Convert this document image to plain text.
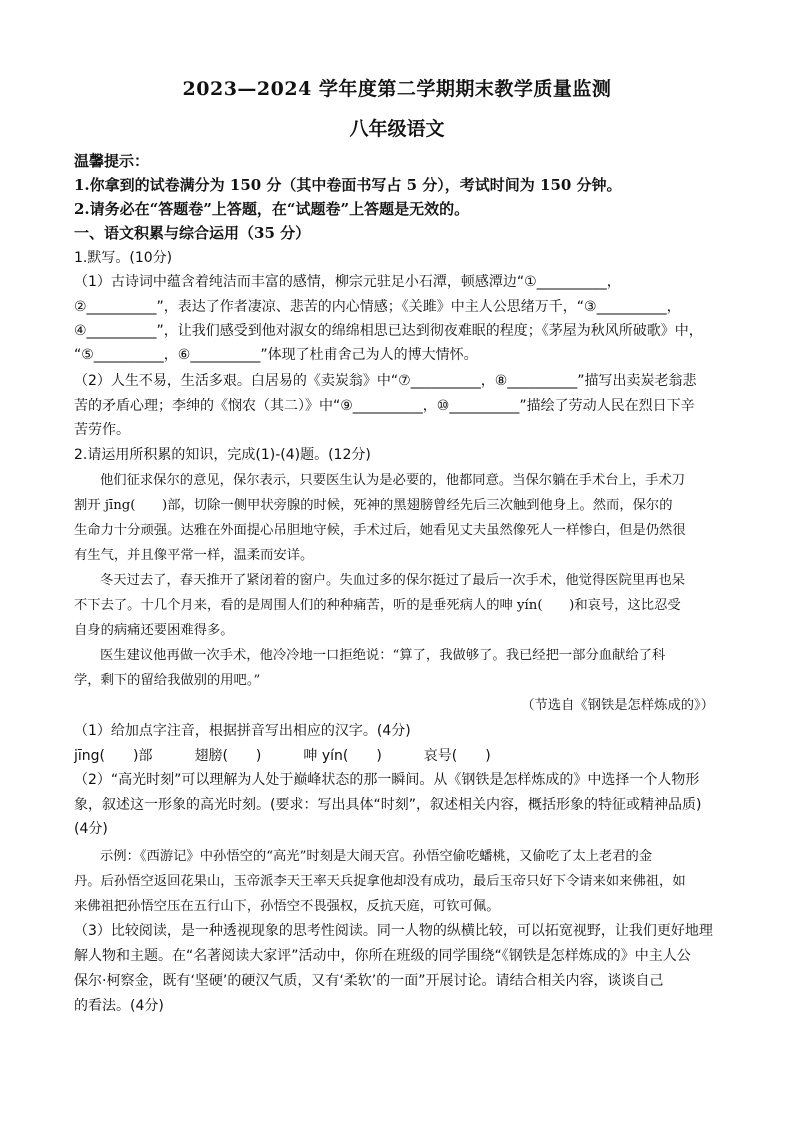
2023—2024 学年度第二学期期末教学质量监测
八年级语文
温馨提示：
1.你拿到的试卷满分为 150 分（其中卷面书写占 5 分），考试时间为 150 分钟。
2.请务必在“答题卷”上答题，在“试题卷”上答题是无效的。
一、语文积累与综合运用（35 分）
1.默写。(10分)
（1）古诗词中蕴含着纯洁而丰富的感情，柳宗元驻足小石潭，顿感潭边“①__________，
②__________”，表达了作者凄凉、悲苦的内心情感；《关雎》中主人公思绪万千，“③__________，
④__________”，让我们感受到他对淑女的绵绵相思已达到彻夜难眠的程度；《茅屋为秋风所破歌》中，
“⑤__________，⑥__________”体现了杜甫舍己为人的博大情怀。
（2）人生不易，生活多艰。白居易的《卖炭翁》中“⑦__________，⑧__________”描写出卖炭老翁悲
苦的矛盾心理；李绅的《悯农（其二）》中“⑨__________，⑩__________”描绘了劳动人民在烈日下辛
苦劳作。
2.请运用所积累的知识，完成(1)-(4)题。(12分)
他们征求保尔的意见，保尔表示，只要医生认为是必要的，他都同意。当保尔躺在手术台上，手术刀
割开 jīng(　　)部，切除一侧甲状旁腺的时候，死神的黑翅膀曾经先后三次触到他身上。然而，保尔的
生命力十分顽强。达雅在外面提心吊胆地守候，手术过后，她看见丈夫虽然像死人一样惨白，但是仍然很
有生气，并且像平常一样，温柔而安详。
冬天过去了，春天推开了紧闭着的窗户。失血过多的保尔挺过了最后一次手术，他觉得医院里再也呆
不下去了。十几个月来，看的是周围人们的种种痛苦，听的是垂死病人的呻 yín(　　)和哀号，这比忍受
自身的病痛还要困难得多。
医生建议他再做一次手术，他冷冷地一口拒绝说：“算了，我做够了。我已经把一部分血献给了科
学，剩下的留给我做别的用吧。”
（节选自《钢铁是怎样炼成的》）
（1）给加点字注音，根据拼音写出相应的汉字。(4分)
jīng(　　)部　　　翅膀(　　)　　　呻 yín(　　)　　　哀号(　　)
（2）“高光时刻”可以理解为人处于巅峰状态的那一瞬间。从《钢铁是怎样炼成的》中选择一个人物形
象，叙述这一形象的高光时刻。(要求：写出具体“时刻”，叙述相关内容，概括形象的特征或精神品质)
(4分)
示例：《西游记》中孙悟空的“高光”时刻是大闹天宫。孙悟空偷吃蟠桃，又偷吃了太上老君的金
丹。后孙悟空返回花果山，玉帝派李天王率天兵捉拿他却没有成功，最后玉帝只好下令请来如来佛祖，如
来佛祖把孙悟空压在五行山下，孙悟空不畏强权，反抗天庭，可钦可佩。
（3）比较阅读，是一种透视现象的思考性阅读。同一人物的纵横比较，可以拓宽视野，让我们更好地理
解人物和主题。在“名著阅读大家评”活动中，你所在班级的同学围绕“《钢铁是怎样炼成的》中主人公
保尔·柯察金，既有‘坚硬’的硬汉气质，又有‘柔软’的一面”开展讨论。请结合相关内容，谈谈自己
的看法。(4分)
